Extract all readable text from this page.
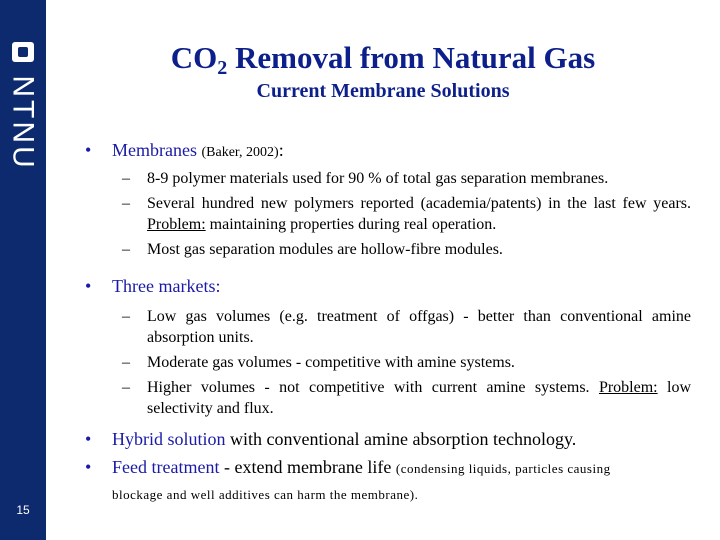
NTNU
15
$CO_2$ Removal from Natural Gas
Current Membrane Solutions
• Membranes (Baker, 2002):
– 8-9 polymer materials used for 90 % of total gas separation membranes.
– Several hundred new polymers reported (academia/patents) in the last few years. Problem: maintaining properties during real operation.
– Most gas separation modules are hollow-fibre modules.
• Three markets:
– Low gas volumes (e.g. treatment of offgas) - better than conventional amine absorption units.
– Moderate gas volumes - competitive with amine systems.
– Higher volumes - not competitive with current amine systems. Problem: low selectivity and flux.
• Hybrid solution with conventional amine absorption technology.
• Feed treatment - extend membrane life (condensing liquids, particles causing
blockage and well additives can harm the membrane).
